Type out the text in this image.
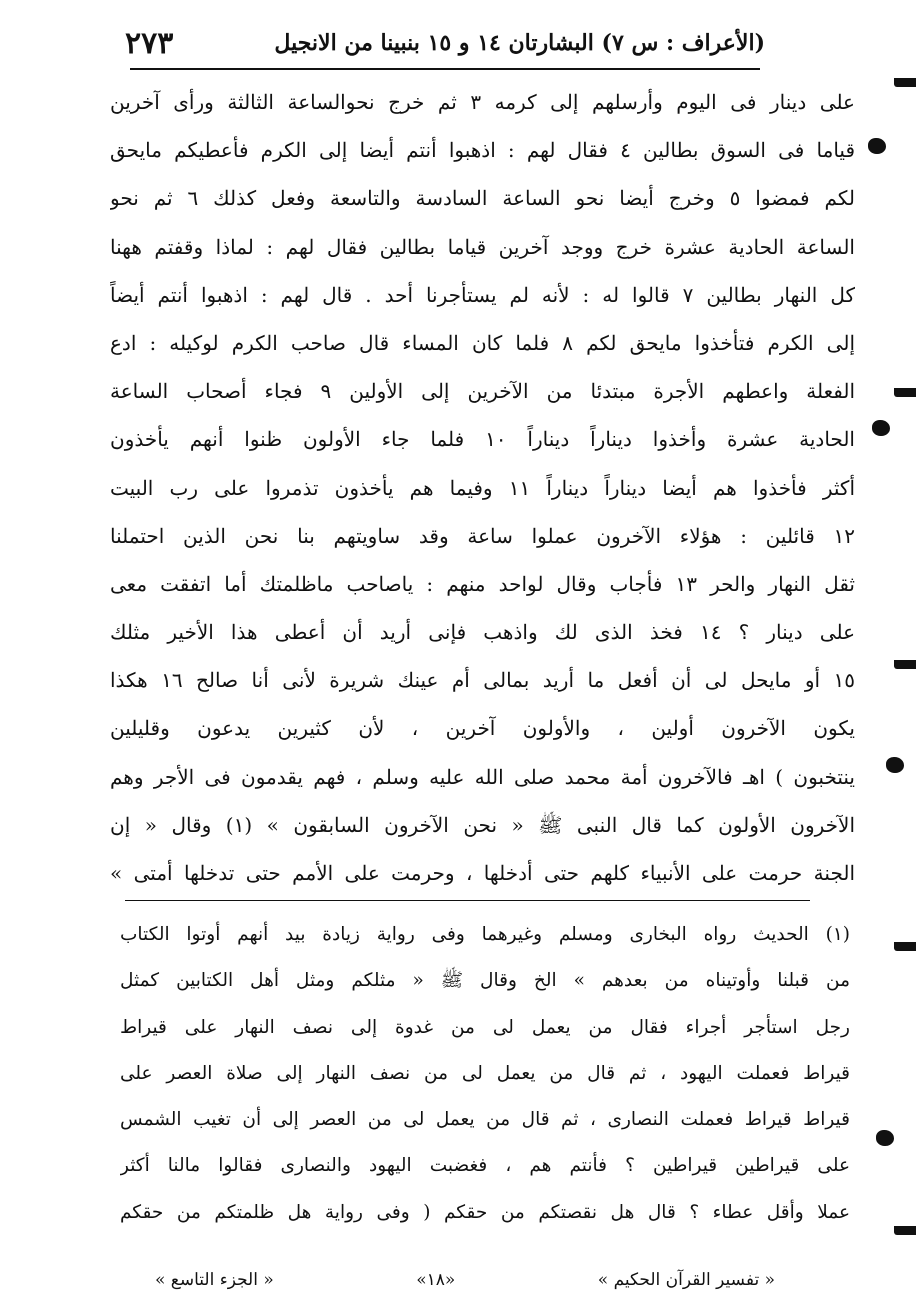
(الأعراف : س ٧) البشارتان ١٤ و ١٥ بنبينا من الانجيل
٢٧٣
على دينار فى اليوم وأرسلهم إلى كرمه ٣ ثم خرج نحوالساعة الثالثة ورأى آخرين
قياما فى السوق بطالين ٤ فقال لهم : اذهبوا أنتم أيضا إلى الكرم فأعطيكم مايحق
لكم فمضوا ٥ وخرج أيضا نحو الساعة السادسة والتاسعة وفعل كذلك ٦ ثم نحو
الساعة الحادية عشرة خرج ووجد آخرين قياما بطالين فقال لهم : لماذا وقفتم ههنا
كل النهار بطالين ٧ قالوا له : لأنه لم يستأجرنا أحد . قال لهم : اذهبوا أنتم أيضاً
إلى الكرم فتأخذوا مايحق لكم ٨ فلما كان المساء قال صاحب الكرم لوكيله : ادع
الفعلة واعطهم الأجرة مبتدئا من الآخرين إلى الأولين ٩ فجاء أصحاب الساعة
الحادية عشرة وأخذوا ديناراً ديناراً ١٠ فلما جاء الأولون ظنوا أنهم يأخذون
أكثر فأخذوا هم أيضا ديناراً ديناراً ١١ وفيما هم يأخذون تذمروا على رب البيت
١٢ قائلين : هؤلاء الآخرون عملوا ساعة وقد ساويتهم بنا نحن الذين احتملنا
ثقل النهار والحر ١٣ فأجاب وقال لواحد منهم : ياصاحب ماظلمتك أما اتفقت معى
على دينار ؟ ١٤ فخذ الذى لك واذهب فإنى أريد أن أعطى هذا الأخير مثلك
١٥ أو مايحل لى أن أفعل ما أريد بمالى أم عينك شريرة لأنى أنا صالح ١٦ هكذا
يكون الآخرون أولين ، والأولون آخرين ، لأن كثيرين يدعون وقليلين
ينتخبون ) اهـ فالآخرون أمة محمد صلى الله عليه وسلم ، فهم يقدمون فى الأجر وهم
الآخرون الأولون كما قال النبى ﷺ « نحن الآخرون السابقون » (١) وقال « إن
الجنة حرمت على الأنبياء كلهم حتى أدخلها ، وحرمت على الأمم حتى تدخلها أمتى »
(١) الحديث رواه البخارى ومسلم وغيرهما وفى رواية زيادة بيد أنهم أوتوا الكتاب
من قبلنا وأوتيناه من بعدهم » الخ وقال ﷺ « مثلكم ومثل أهل الكتابين كمثل
رجل استأجر أجراء فقال من يعمل لى من غدوة إلى نصف النهار على قيراط
قيراط فعملت اليهود ، ثم قال من يعمل لى من نصف النهار إلى صلاة العصر على
قيراط قيراط فعملت النصارى ، ثم قال من يعمل لى من العصر إلى أن تغيب الشمس
على قيراطين قيراطين ؟ فأنتم هم ، فغضبت اليهود والنصارى فقالوا مالنا أكثر
عملا وأقل عطاء ؟ قال هل نقصتكم من حقكم ( وفى رواية هل ظلمتكم من حقكم
« تفسير القرآن الحكيم »
«١٨»
« الجزء التاسع »
